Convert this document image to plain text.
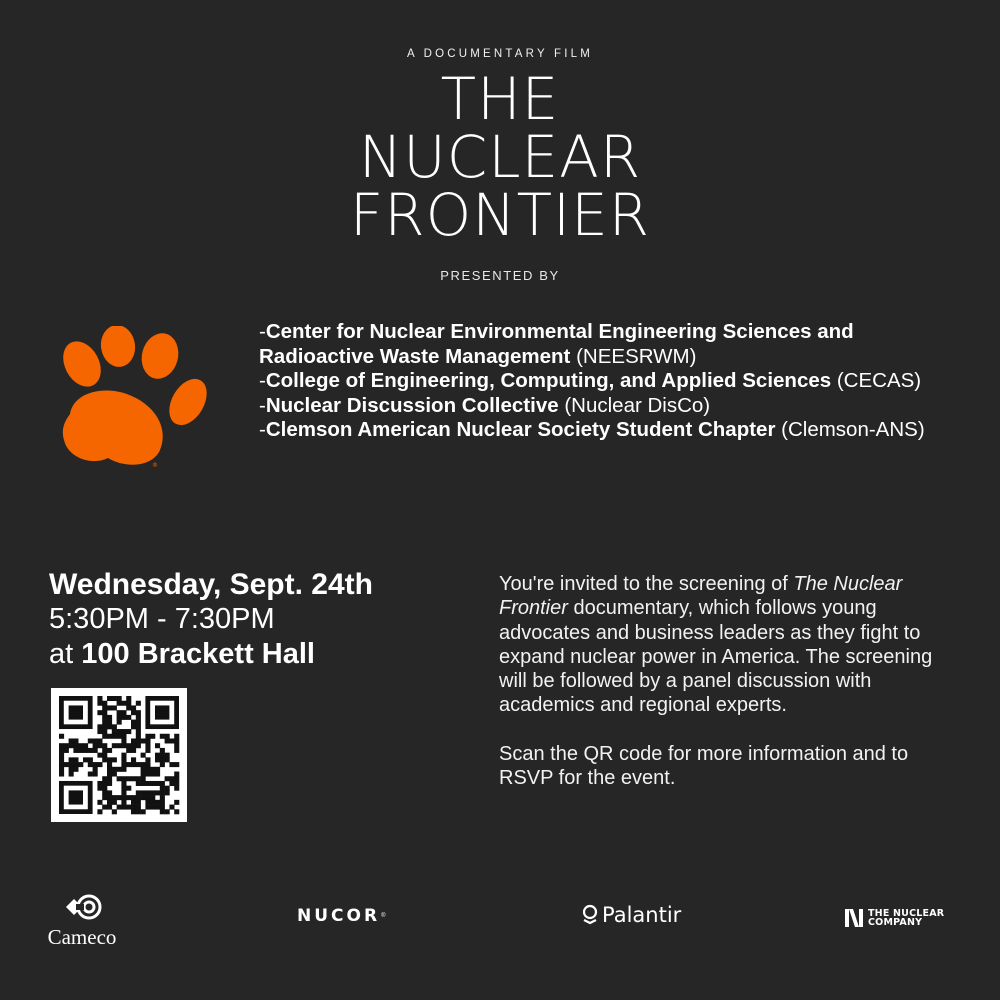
A DOCUMENTARY FILM
THE
NUCLEAR
FRONTIER
PRESENTED BY
®
-Center for Nuclear Environmental Engineering Sciences and Radioactive Waste Management (NEESRWM)
-College of Engineering, Computing, and Applied Sciences (CECAS)
-Nuclear Discussion Collective (Nuclear DisCo)
-Clemson American Nuclear Society Student Chapter (Clemson-ANS)
Wednesday, Sept. 24th
5:30PM - 7:30PM
at 100 Brackett Hall

You're invited to the screening of The Nuclear Frontier documentary, which follows young advocates and business leaders as they fight to expand nuclear power in America. The screening will be followed by a panel discussion with academics and regional experts.

Scan the QR code for more information and to RSVP for the event.

Cameco
NUCOR ®	Palantir	THE NUCLEAR
COMPANY
